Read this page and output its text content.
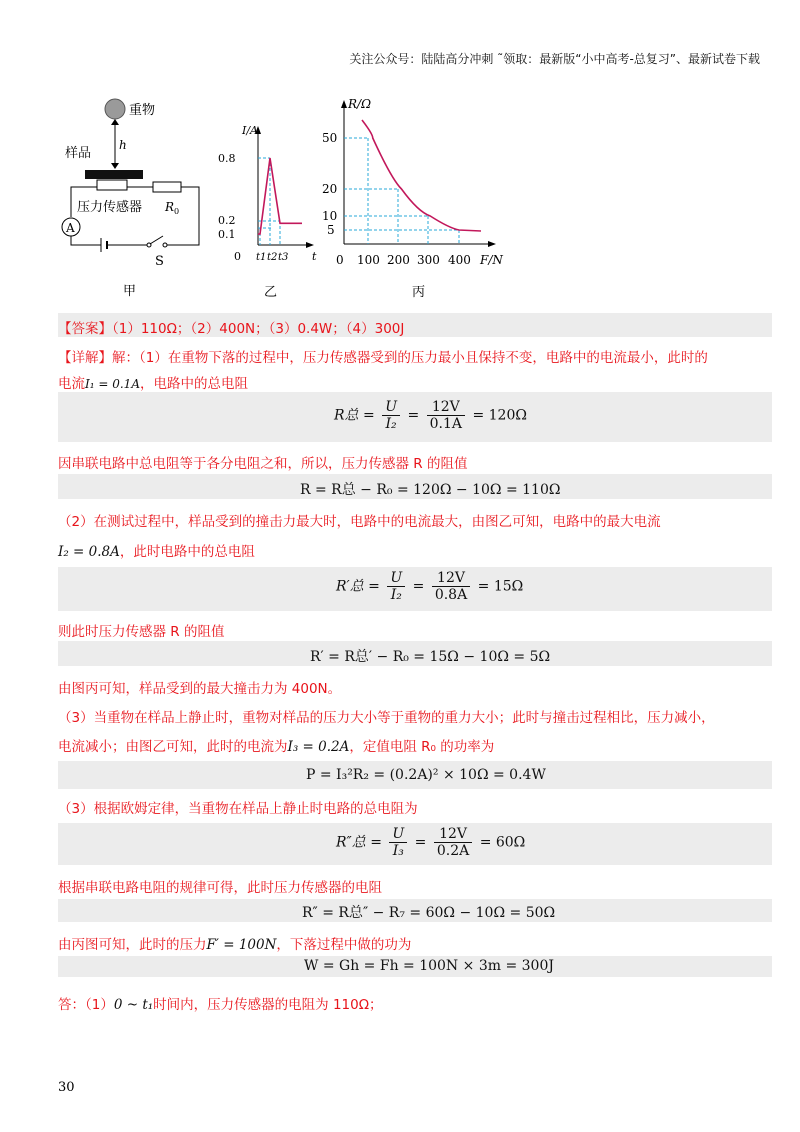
关注公众号：陆陆高分冲刺 ˜领取：最新版“小中高考-总复习”、最新试卷下载
重物
h
样品
A
压力传感器 R 0
S
甲
I/A
t
0
0.8
0.2
0.1
t1 t2 t3
乙
R/Ω
F/N
0
50
20
10
5
100 200 300 400
丙
【答案】（1）110Ω；（2）400N；（3）0.4W；（4）300J
【详解】解：（1）在重物下落的过程中，压力传感器受到的压力最小且保持不变，电路中的电流最小，此时的
电流I₁ = 0.1A，电路中的总电阻
R总 = $\frac{U}{\text{I₂}} = \frac{12V}{0.1A} = 120\Omega$
因串联电路中总电阻等于各分电阻之和，所以，压力传感器 R 的阻值
R = R总 − R₀ = 120Ω − 10Ω = 110Ω
（2）在测试过程中，样品受到的撞击力最大时，电路中的电流最大，由图乙可知，电路中的最大电流
I₂ = 0.8A，此时电路中的总电阻
R′总 = $\frac{U}{\text{I₂}} = \frac{12V}{0.8A} = 15\Omega$
则此时压力传感器 R 的阻值
R′ = R总′ − R₀ = 15Ω − 10Ω = 5Ω
由图丙可知，样品受到的最大撞击力为 400N。
（3）当重物在样品上静止时，重物对样品的压力大小等于重物的重力大小；此时与撞击过程相比，压力减小，
电流减小；由图乙可知，此时的电流为I₃ = 0.2A，定值电阻 R₀ 的功率为
P = I₃²R₂ = (0.2A)² × 10Ω = 0.4W
（3）根据欧姆定律，当重物在样品上静止时电路的总电阻为
R″总 = $\frac{U}{\text{I₃}} = \frac{12V}{0.2A} = 60\Omega$
根据串联电路电阻的规律可得，此时压力传感器的电阻
R″ = R总″ − R₇ = 60Ω − 10Ω = 50Ω
由丙图可知，此时的压力F′ = 100N，下落过程中做的功为
W = Gh = Fh = 100N × 3m = 300J
答：（1）0 ~ t₁时间内，压力传感器的电阻为 110Ω；
30
